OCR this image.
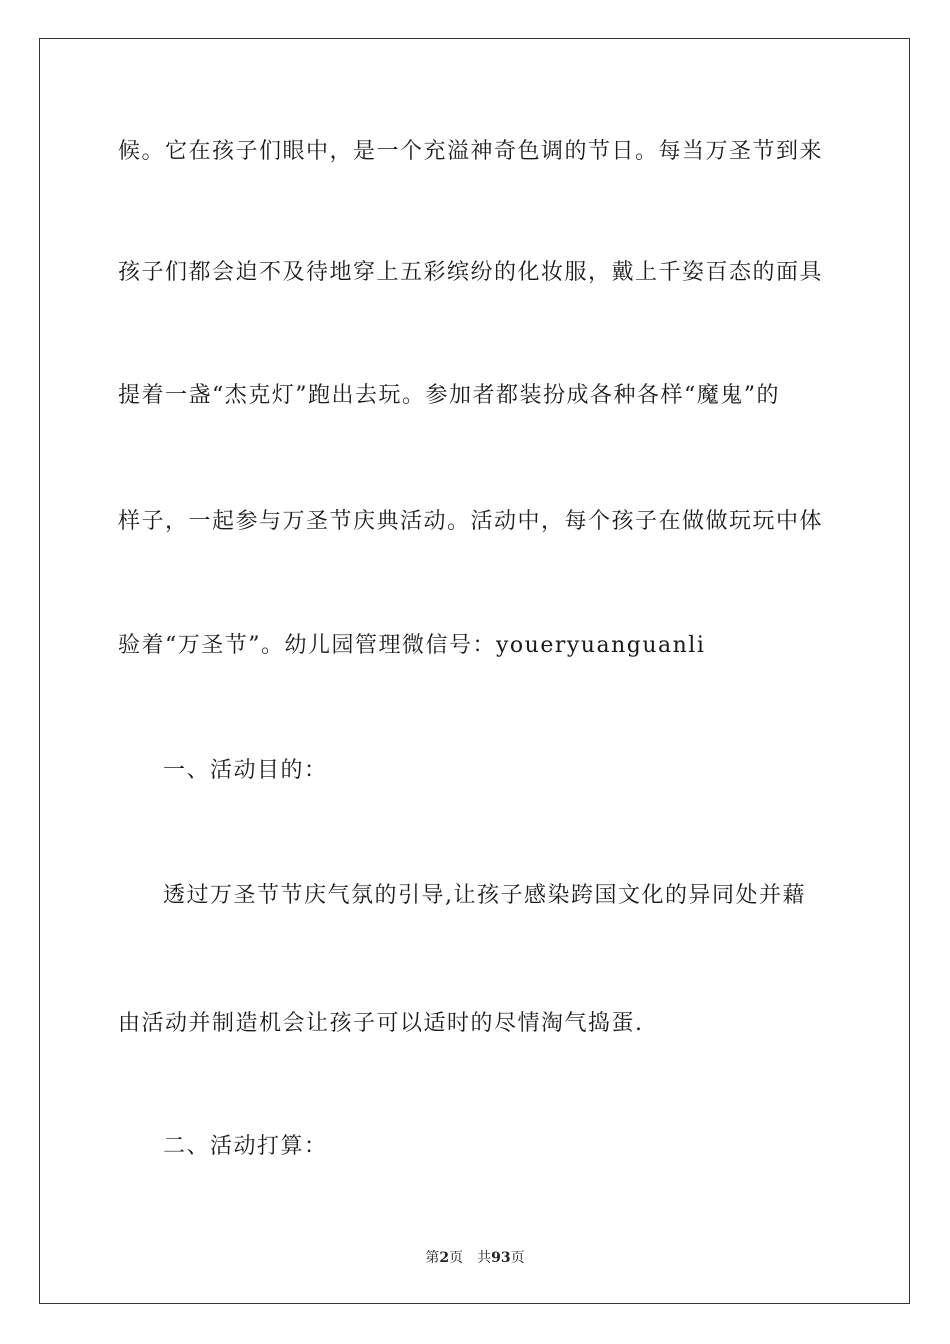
候。它在孩子们眼中，是一个充溢神奇色调的节日。每当万圣节到来
孩子们都会迫不及待地穿上五彩缤纷的化妆服，戴上千姿百态的面具
提着一盏“杰克灯”跑出去玩。参加者都装扮成各种各样“魔鬼”的
样子，一起参与万圣节庆典活动。活动中，每个孩子在做做玩玩中体
验着“万圣节”。幼儿园管理微信号：youeryuanguanli
一、活动目的：
透过万圣节节庆气氛的引导,让孩子感染跨国文化的异同处并藉
由活动并制造机会让孩子可以适时的尽情淘气捣蛋.
二、活动打算：
第2页 共93页
